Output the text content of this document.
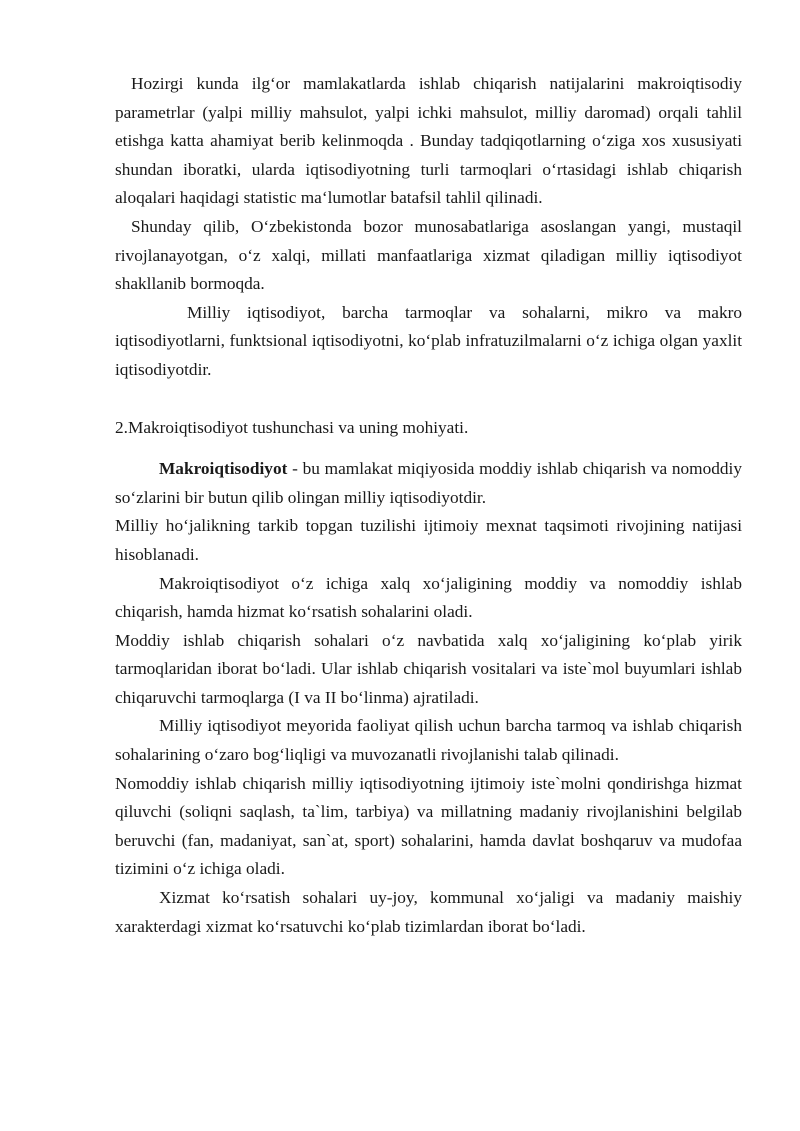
Hozirgi kunda ilg‘or mamlakatlarda ishlab chiqarish natijalarini makroiqtisodiy parametrlar (yalpi milliy mahsulot, yalpi ichki mahsulot, milliy daromad) orqali tahlil etishga katta ahamiyat berib kelinmoqda . Bunday tadqiqotlarning o‘ziga xos xususiyati shundan iboratki, ularda iqtisodiyotning turli tarmoqlari o‘rtasidagi ishlab chiqarish aloqalari haqidagi statistic ma‘lumotlar batafsil tahlil qilinadi.

Shunday qilib, O‘zbekistonda bozor munosabatlariga asoslangan yangi, mustaqil rivojlanayotgan, o‘z xalqi, millati manfaatlariga xizmat qiladigan milliy iqtisodiyot shakllanib bormoqda.

Milliy iqtisodiyot, barcha tarmoqlar va sohalarni, mikro va makro iqtisodiyotlarni, funktsional iqtisodiyotni, ko‘plab infratuzilmalarni o‘z ichiga olgan yaxlit iqtisodiyotdir.

2.Makroiqtisodiyot tushunchasi va uning mohiyati.

Makroiqtisodiyot - bu mamlakat miqiyosida moddiy ishlab chiqarish va nomoddiy so‘zlarini bir butun qilib olingan milliy iqtisodiyotdir.

Milliy ho‘jalikning tarkib topgan tuzilishi ijtimoiy mexnat taqsimoti rivojining natijasi hisoblanadi.

Makroiqtisodiyot o‘z ichiga xalq xo‘jaligining moddiy va nomoddiy ishlab chiqarish, hamda hizmat ko‘rsatish sohalarini oladi.

Moddiy ishlab chiqarish sohalari o‘z navbatida xalq xo‘jaligining ko‘plab yirik tarmoqlaridan iborat bo‘ladi. Ular ishlab chiqarish vositalari va iste`mol buyumlari ishlab chiqaruvchi tarmoqlarga (I va II bo‘linma) ajratiladi.

Milliy iqtisodiyot meyorida faoliyat qilish uchun barcha tarmoq va ishlab chiqarish sohalarining o‘zaro bog‘liqligi va muvozanatli rivojlanishi talab qilinadi.

Nomoddiy ishlab chiqarish milliy iqtisodiyotning ijtimoiy iste`molni qondirishga hizmat qiluvchi (soliqni saqlash, ta`lim, tarbiya) va millatning madaniy rivojlanishini belgilab beruvchi (fan, madaniyat, san`at, sport) sohalarini, hamda davlat boshqaruv va mudofaa tizimini o‘z ichiga oladi.

Xizmat ko‘rsatish sohalari uy-joy, kommunal xo‘jaligi va madaniy maishiy xarakterdagi xizmat ko‘rsatuvchi ko‘plab tizimlardan iborat bo‘ladi.
